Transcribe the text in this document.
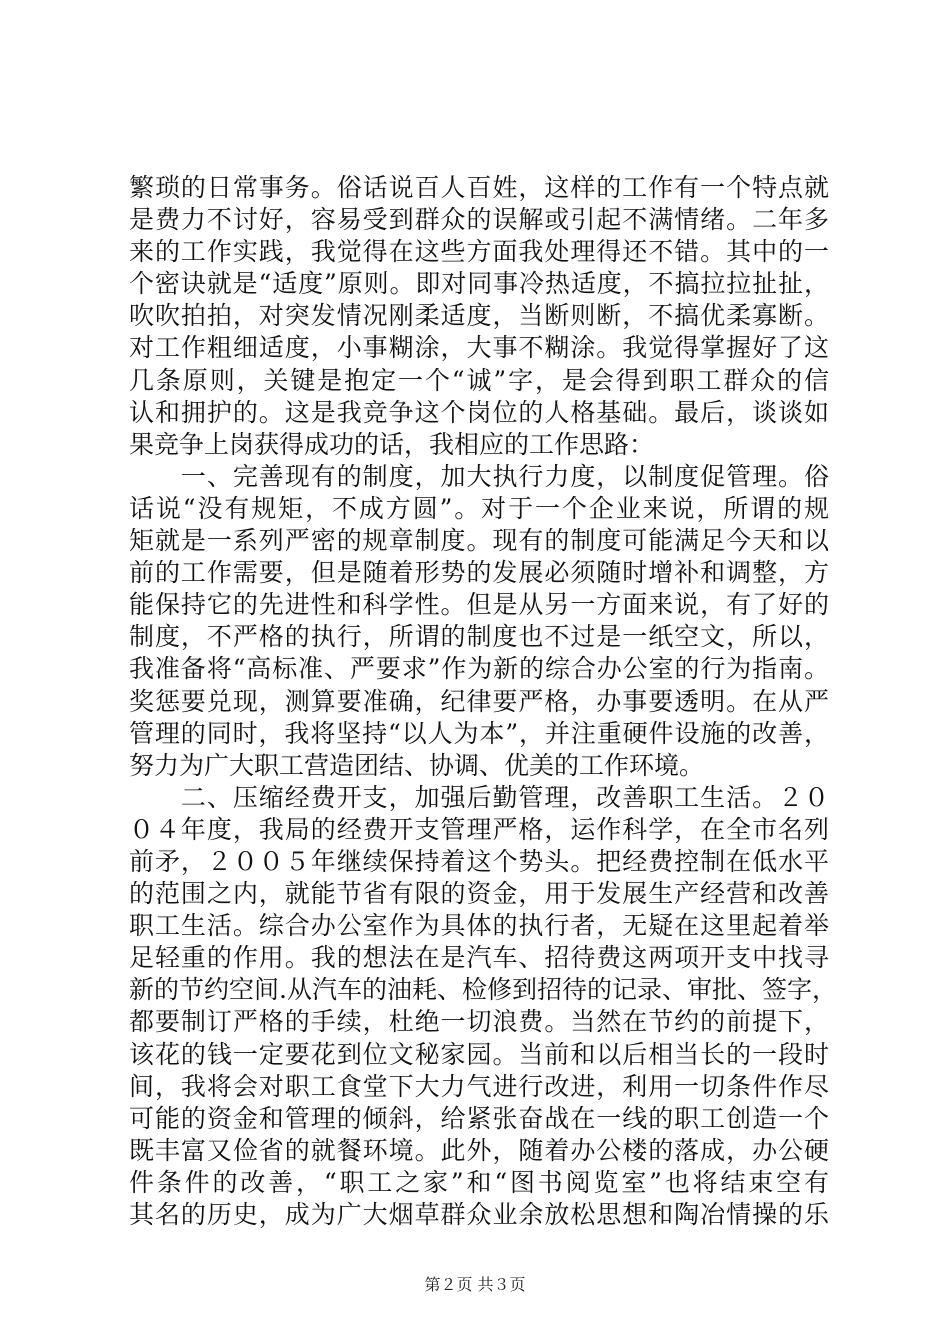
繁琐的日常事务。俗话说百人百姓，这样的工作有一个特点就
是费力不讨好，容易受到群众的误解或引起不满情绪。二年多
来的工作实践，我觉得在这些方面我处理得还不错。其中的一
个密诀就是“适度”原则。即对同事冷热适度，不搞拉拉扯扯，
吹吹拍拍，对突发情况刚柔适度，当断则断，不搞优柔寡断。
对工作粗细适度，小事糊涂，大事不糊涂。我觉得掌握好了这
几条原则，关键是抱定一个“诚”字，是会得到职工群众的信
认和拥护的。这是我竞争这个岗位的人格基础。最后，谈谈如
果竞争上岗获得成功的话，我相应的工作思路：
　　一、完善现有的制度，加大执行力度，以制度促管理。俗
话说“没有规矩，不成方圆”。对于一个企业来说，所谓的规
矩就是一系列严密的规章制度。现有的制度可能满足今天和以
前的工作需要，但是随着形势的发展必须随时增补和调整，方
能保持它的先进性和科学性。但是从另一方面来说，有了好的
制度，不严格的执行，所谓的制度也不过是一纸空文，所以，
我准备将“高标准、严要求”作为新的综合办公室的行为指南。
奖惩要兑现，测算要准确，纪律要严格，办事要透明。在从严
管理的同时，我将坚持“以人为本”，并注重硬件设施的改善，
努力为广大职工营造团结、协调、优美的工作环境。
　　二、压缩经费开支，加强后勤管理，改善职工生活。２０
０４年度，我局的经费开支管理严格，运作科学，在全市名列
前矛，２００５年继续保持着这个势头。把经费控制在低水平
的范围之内，就能节省有限的资金，用于发展生产经营和改善
职工生活。综合办公室作为具体的执行者，无疑在这里起着举
足轻重的作用。我的想法在是汽车、招待费这两项开支中找寻
新的节约空间.从汽车的油耗、检修到招待的记录、审批、签字，
都要制订严格的手续，杜绝一切浪费。当然在节约的前提下，
该花的钱一定要花到位文秘家园。当前和以后相当长的一段时
间，我将会对职工食堂下大力气进行改进，利用一切条件作尽
可能的资金和管理的倾斜，给紧张奋战在一线的职工创造一个
既丰富又俭省的就餐环境。此外，随着办公楼的落成，办公硬
件条件的改善，“职工之家”和“图书阅览室”也将结束空有
其名的历史，成为广大烟草群众业余放松思想和陶冶情操的乐
第２页 共３页
